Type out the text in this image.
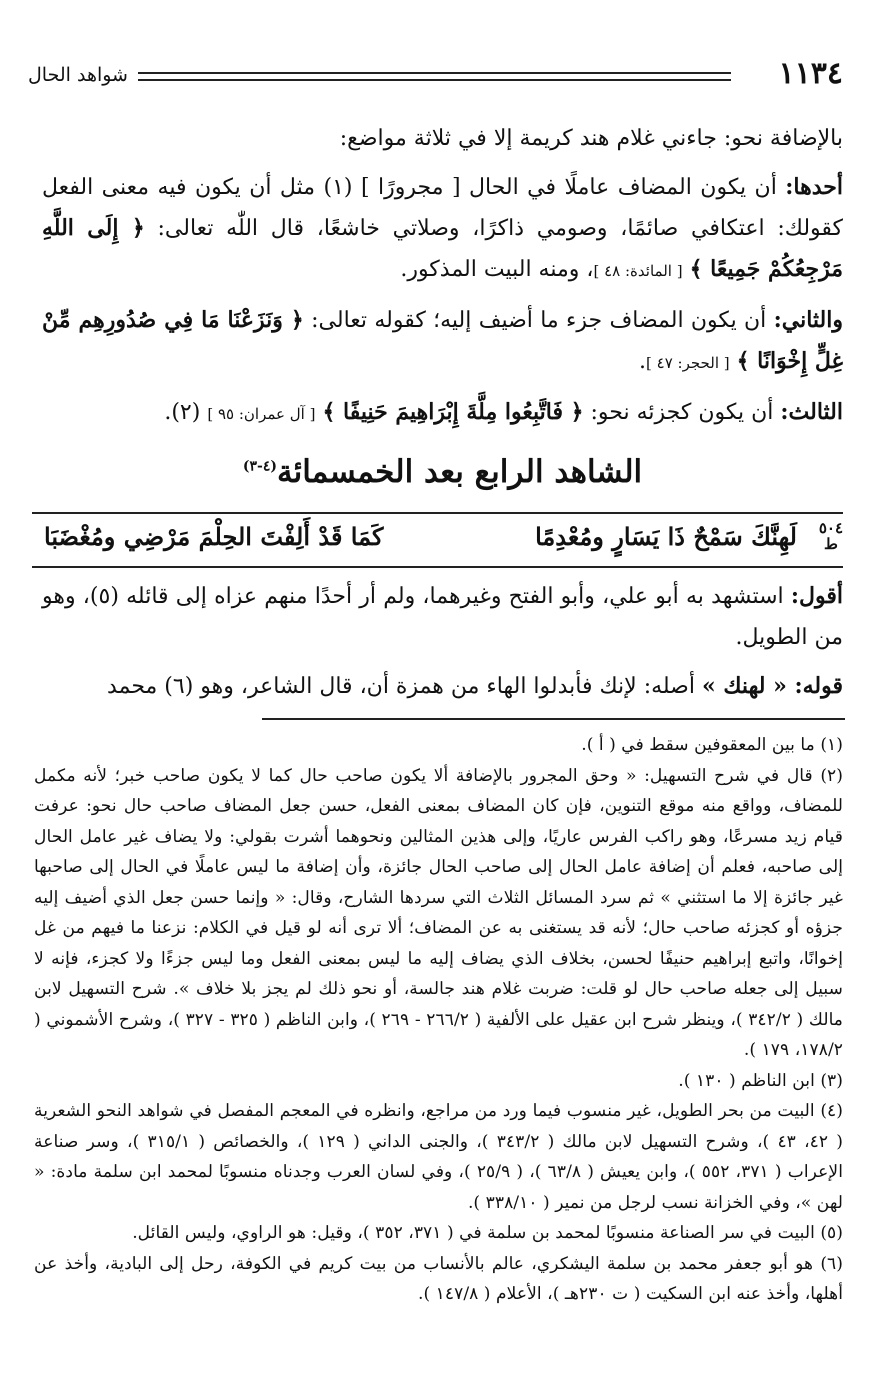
١١٣٤
شواهد الحال

بالإضافة نحو: جاءني غلام هند كريمة إلا في ثلاثة مواضع:

أحدها: أن يكون المضاف عاملًا في الحال [ مجرورًا ] (١) مثل أن يكون فيه معنى الفعل كقولك: اعتكافي صائمًا، وصومي ذاكرًا، وصلاتي خاشعًا، قال اللّٰه تعالى: ﴿ إِلَى اللَّهِ مَرْجِعُكُمْ جَمِيعًا ﴾ [ المائدة: ٤٨ ]، ومنه البيت المذكور.

والثاني: أن يكون المضاف جزء ما أضيف إليه؛ كقوله تعالى: ﴿ وَنَزَعْنَا مَا فِي صُدُورِهِم مِّنْ غِلٍّ إِخْوَانًا ﴾ [ الحجر: ٤٧ ].

الثالث: أن يكون كجزئه نحو: ﴿ فَاتَّبِعُوا مِلَّةَ إِبْرَاهِيمَ حَنِيفًا ﴾ [ آل عمران: ٩٥ ] (٢).

الشاهد الرابع بعد الخمسمائة$^{(٤-٣)}$
٥٠٤
ط
لَهِنَّكَ سَمْحٌ ذَا يَسَارٍ ومُعْدِمًا
كَمَا قَدْ أَلِفْتَ الحِلْمَ مَرْضِي ومُغْضَبَا

أقول: استشهد به أبو علي، وأبو الفتح وغيرهما، ولم أر أحدًا منهم عزاه إلى قائله (٥)، وهو من الطويل.

قوله: « لهنك » أصله: لإنك فأبدلوا الهاء من همزة أن، قال الشاعر، وهو (٦) محمد

(١) ما بين المعقوفين سقط في ( أ ).

(٢) قال في شرح التسهيل: « وحق المجرور بالإضافة ألا يكون صاحب حال كما لا يكون صاحب خبر؛ لأنه مكمل للمضاف، وواقع منه موقع التنوين، فإن كان المضاف بمعنى الفعل، حسن جعل المضاف صاحب حال نحو: عرفت قيام زيد مسرعًا، وهو راكب الفرس عاريًا، وإلى هذين المثالين ونحوهما أشرت بقولي: ولا يضاف غير عامل الحال إلى صاحبه، فعلم أن إضافة عامل الحال إلى صاحب الحال جائزة، وأن إضافة ما ليس عاملًا في الحال إلى صاحبها غير جائزة إلا ما استثني » ثم سرد المسائل الثلاث التي سردها الشارح، وقال: « وإنما حسن جعل الذي أضيف إليه جزؤه أو كجزئه صاحب حال؛ لأنه قد يستغنى به عن المضاف؛ ألا ترى أنه لو قيل في الكلام: نزعنا ما فيهم من غل إخوانًا، واتبع إبراهيم حنيفًا لحسن، بخلاف الذي يضاف إليه ما ليس بمعنى الفعل وما ليس جزءًا ولا كجزء، فإنه لا سبيل إلى جعله صاحب حال لو قلت: ضربت غلام هند جالسة، أو نحو ذلك لم يجز بلا خلاف ». شرح التسهيل لابن مالك ( ٣٤٢/٢ )، وينظر شرح ابن عقيل على الألفية ( ٢٦٦/٢ - ٢٦٩ )، وابن الناظم ( ٣٢٥ - ٣٢٧ )، وشرح الأشموني ( ١٧٨/٢، ١٧٩ ).

(٣) ابن الناظم ( ١٣٠ ).

(٤) البيت من بحر الطويل، غير منسوب فيما ورد من مراجع، وانظره في المعجم المفصل في شواهد النحو الشعرية ( ٤٢، ٤٣ )، وشرح التسهيل لابن مالك ( ٣٤٣/٢ )، والجنى الداني ( ١٢٩ )، والخصائص ( ٣١٥/١ )، وسر صناعة الإعراب ( ٣٧١، ٥٥٢ )، وابن يعيش ( ٦٣/٨ )، ( ٢٥/٩ )، وفي لسان العرب وجدناه منسوبًا لمحمد ابن سلمة مادة: « لهن »، وفي الخزانة نسب لرجل من نمير ( ٣٣٨/١٠ ).

(٥) البيت في سر الصناعة منسوبًا لمحمد بن سلمة في ( ٣٧١، ٣٥٢ )، وقيل: هو الراوي، وليس القائل.

(٦) هو أبو جعفر محمد بن سلمة اليشكري، عالم بالأنساب من بيت كريم في الكوفة، رحل إلى البادية، وأخذ عن أهلها، وأخذ عنه ابن السكيت ( ت ٢٣٠هـ )، الأعلام ( ١٤٧/٨ ).
